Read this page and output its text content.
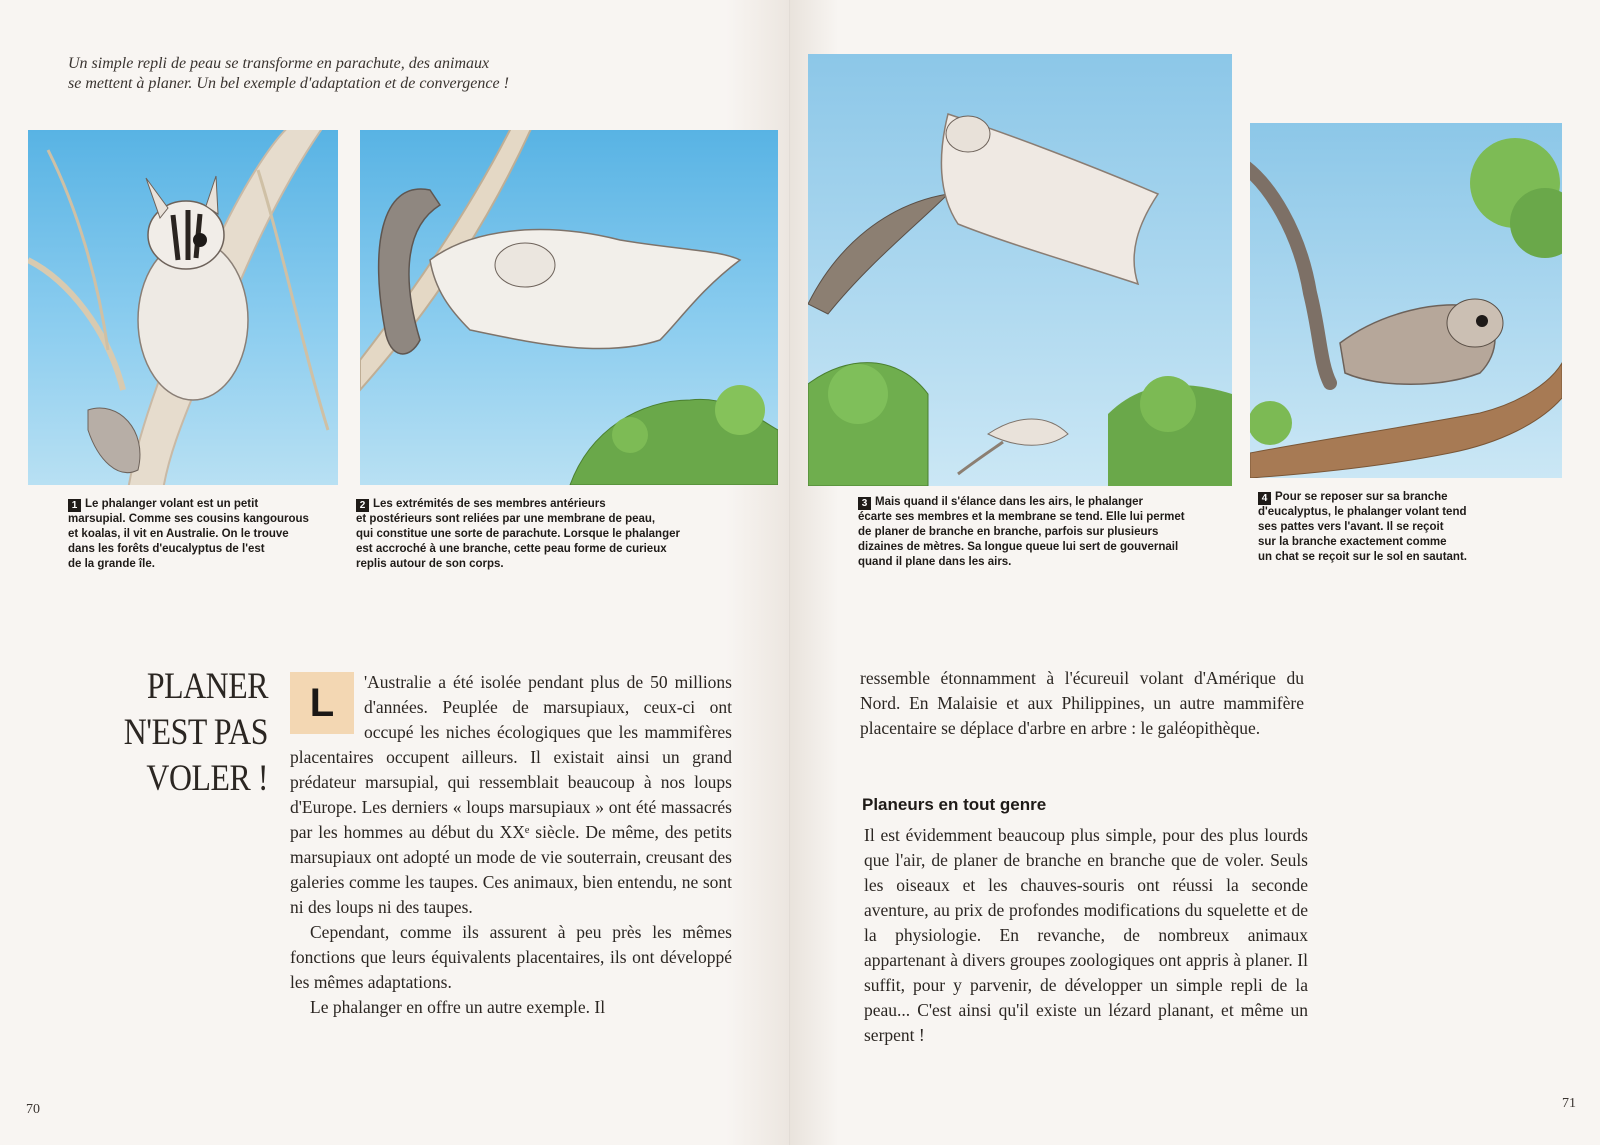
Un simple repli de peau se transforme en parachute, des animaux
se mettent à planer. Un bel exemple d'adaptation et de convergence !
1 Le phalanger volant est un petit
marsupial. Comme ses cousins kangourous
et koalas, il vit en Australie. On le trouve
dans les forêts d'eucalyptus de l'est
de la grande île.
2 Les extrémités de ses membres antérieurs
et postérieurs sont reliées par une membrane de peau,
qui constitue une sorte de parachute. Lorsque le phalanger
est accroché à une branche, cette peau forme de curieux
replis autour de son corps.
3 Mais quand il s'élance dans les airs, le phalanger
écarte ses membres et la membrane se tend. Elle lui permet
de planer de branche en branche, parfois sur plusieurs
dizaines de mètres. Sa longue queue lui sert de gouvernail
quand il plane dans les airs.
4 Pour se reposer sur sa branche
d'eucalyptus, le phalanger volant tend
ses pattes vers l'avant. Il se reçoit
sur la branche exactement comme
un chat se reçoit sur le sol en sautant.
PLANER
N'EST PAS
VOLER !

L	'Australie a été isolée pendant plus de 50 millions d'années. Peuplée de marsupiaux, ceux-ci ont occupé les niches écologiques que les mammifères placentaires occupent ailleurs. Il existait ainsi un grand prédateur marsupial, qui ressemblait beaucoup à nos loups d'Europe. Les derniers « loups marsupiaux » ont été massacrés par les hommes au début du XXᵉ siècle. De même, des petits marsupiaux ont adopté un mode de vie souterrain, creusant des galeries comme les taupes. Ces animaux, bien entendu, ne sont ni des loups ni des taupes.

Cependant, comme ils assurent à peu près les mêmes fonctions que leurs équivalents placentaires, ils ont développé les mêmes adaptations.

Le phalanger en offre un autre exemple. Il

ressemble étonnamment à l'écureuil volant d'Amérique du Nord. En Malaisie et aux Philippines, un autre mammifère placentaire se déplace d'arbre en arbre : le galéopithèque.

Planeurs en tout genre

Il est évidemment beaucoup plus simple, pour des plus lourds que l'air, de planer de branche en branche que de voler. Seuls les oiseaux et les chauves-souris ont réussi la seconde aventure, au prix de profondes modifications du squelette et de la physiologie. En revanche, de nombreux animaux appartenant à divers groupes zoologiques ont appris à planer. Il suffit, pour y parvenir, de développer un simple repli de la peau... C'est ainsi qu'il existe un lézard planant, et même un serpent !

70	71
